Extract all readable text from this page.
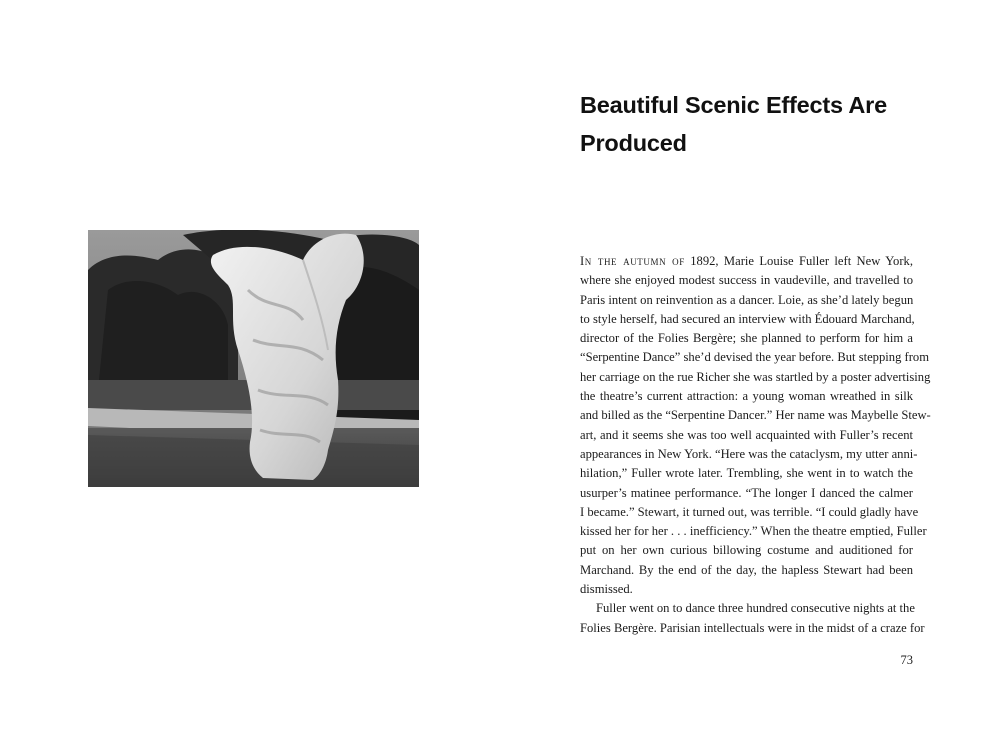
Beautiful Scenic Effects Are
Produced
In the autumn of 1892, Marie Louise Fuller left New York,
where she enjoyed modest success in vaudeville, and travelled to
Paris intent on reinvention as a dancer. Loie, as she’d lately begun
to style herself, had secured an interview with Édouard Marchand,
director of the Folies Bergère; she planned to perform for him a
“Serpentine Dance” she’d devised the year before. But stepping from
her carriage on the rue Richer she was startled by a poster advertising
the theatre’s current attraction: a young woman wreathed in silk
and billed as the “Serpentine Dancer.” Her name was Maybelle Stew-
art, and it seems she was too well acquainted with Fuller’s recent
appearances in New York. “Here was the cataclysm, my utter anni-
hilation,” Fuller wrote later. Trembling, she went in to watch the
usurper’s matinee performance. “The longer I danced the calmer
I became.” Stewart, it turned out, was terrible. “I could gladly have
kissed her for her . . . inefficiency.” When the theatre emptied, Fuller
put on her own curious billowing costume and auditioned for
Marchand. By the end of the day, the hapless Stewart had been
dismissed.
Fuller went on to dance three hundred consecutive nights at the
Folies Bergère. Parisian intellectuals were in the midst of a craze for
73
